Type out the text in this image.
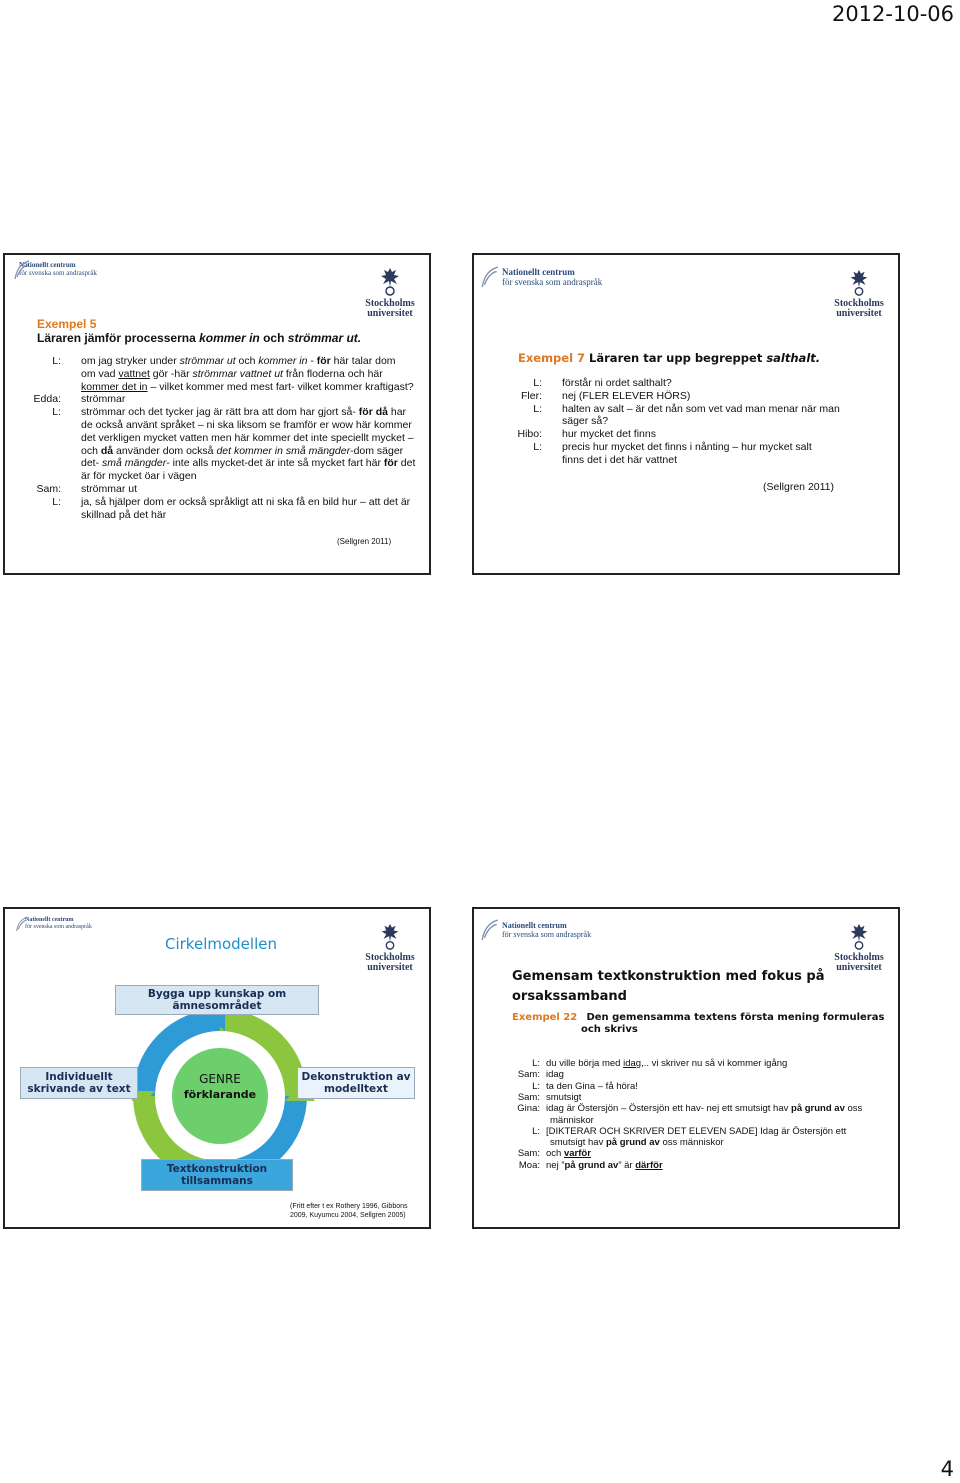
2012-10-06
Nationellt centrum
för svenska som andraspråk
Stockholms
universitet
Exempel 5
Läraren jämför processerna kommer in och strömmar ut.
L: om jag stryker under strömmar ut och kommer in - för här talar dom
om vad vattnet gör -här strömmar vattnet ut från floderna och här
kommer det in – vilket kommer med mest fart- vilket kommer kraftigast?
Edda: strömmar
L: strömmar och det tycker jag är rätt bra att dom har gjort så- för då har
de också använt språket – ni ska liksom se framför er wow här kommer
det verkligen mycket vatten men här kommer det inte speciellt mycket –
och då använder dom också det kommer in små mängder-dom säger
det- små mängder- inte alls mycket-det är inte så mycket fart här för det
är för mycket öar i vägen
Sam: strömmar ut
L: ja, så hjälper dom er också språkligt att ni ska få en bild hur – att det är
skillnad på det här
(Sellgren 2011)
Nationellt centrum
för svenska som andraspråk
Stockholms
universitet
Exempel 7 Läraren tar upp begreppet salthalt.
L: förstår ni ordet salthalt?
Fler: nej (FLER ELEVER HÖRS)
L: halten av salt – är det nån som vet vad man menar när man
säger så?
Hibo: hur mycket det finns
L: precis hur mycket det finns i nånting – hur mycket salt
finns det i det här vattnet
(Sellgren 2011)
Nationellt centrum
för svenska som andraspråk
Stockholms
universitet
Cirkelmodellen
GENRE
förklarande
Bygga upp kunskap om ämnesområdet
Individuellt skrivande av text
Dekonstruktion av modelltext
Textkonstruktion tillsammans
(Fritt efter t ex Rothery 1996, Gibbons
2009, Kuyumcu 2004, Sellgren 2005)
Nationellt centrum
för svenska som andraspråk
Stockholms
universitet
Gemensam textkonstruktion med fokus på
orsakssamband
Exempel 22 Den gemensamma textens första mening formuleras
och skrivs
L: du ville börja med idag,.. vi skriver nu så vi kommer igång
Sam: idag
L: ta den Gina – få höra!
Sam: smutsigt
Gina: idag är Östersjön – Östersjön ett hav- nej ett smutsigt hav på grund av oss
människor
L: [DIKTERAR OCH SKRIVER DET ELEVEN SADE] Idag är Östersjön ett
smutsigt hav på grund av oss människor
Sam: och varför
Moa: nej ”på grund av” är därför
4
